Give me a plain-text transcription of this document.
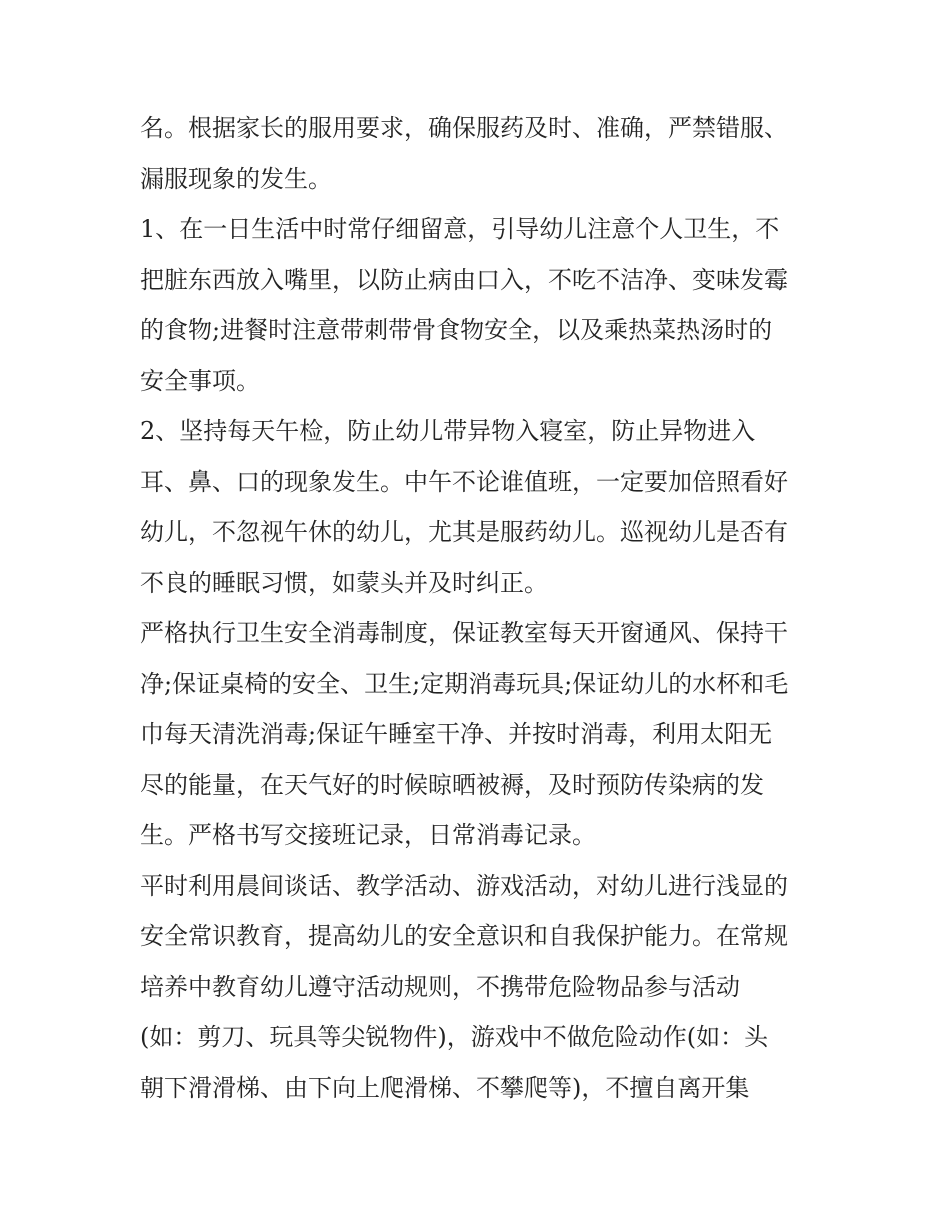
名。根据家长的服用要求，确保服药及时、准确，严禁错服、
漏服现象的发生。
1、在一日生活中时常仔细留意，引导幼儿注意个人卫生，不
把脏东西放入嘴里，以防止病由口入，不吃不洁净、变味发霉
的食物;进餐时注意带刺带骨食物安全，以及乘热菜热汤时的
安全事项。
2、坚持每天午检，防止幼儿带异物入寝室，防止异物进入
耳、鼻、口的现象发生。中午不论谁值班，一定要加倍照看好
幼儿，不忽视午休的幼儿，尤其是服药幼儿。巡视幼儿是否有
不良的睡眠习惯，如蒙头并及时纠正。
严格执行卫生安全消毒制度，保证教室每天开窗通风、保持干
净;保证桌椅的安全、卫生;定期消毒玩具;保证幼儿的水杯和毛
巾每天清洗消毒;保证午睡室干净、并按时消毒，利用太阳无
尽的能量，在天气好的时候晾晒被褥，及时预防传染病的发
生。严格书写交接班记录，日常消毒记录。
平时利用晨间谈话、教学活动、游戏活动，对幼儿进行浅显的
安全常识教育，提高幼儿的安全意识和自我保护能力。在常规
培养中教育幼儿遵守活动规则，不携带危险物品参与活动
(如：剪刀、玩具等尖锐物件)，游戏中不做危险动作(如：头
朝下滑滑梯、由下向上爬滑梯、不攀爬等)，不擅自离开集
